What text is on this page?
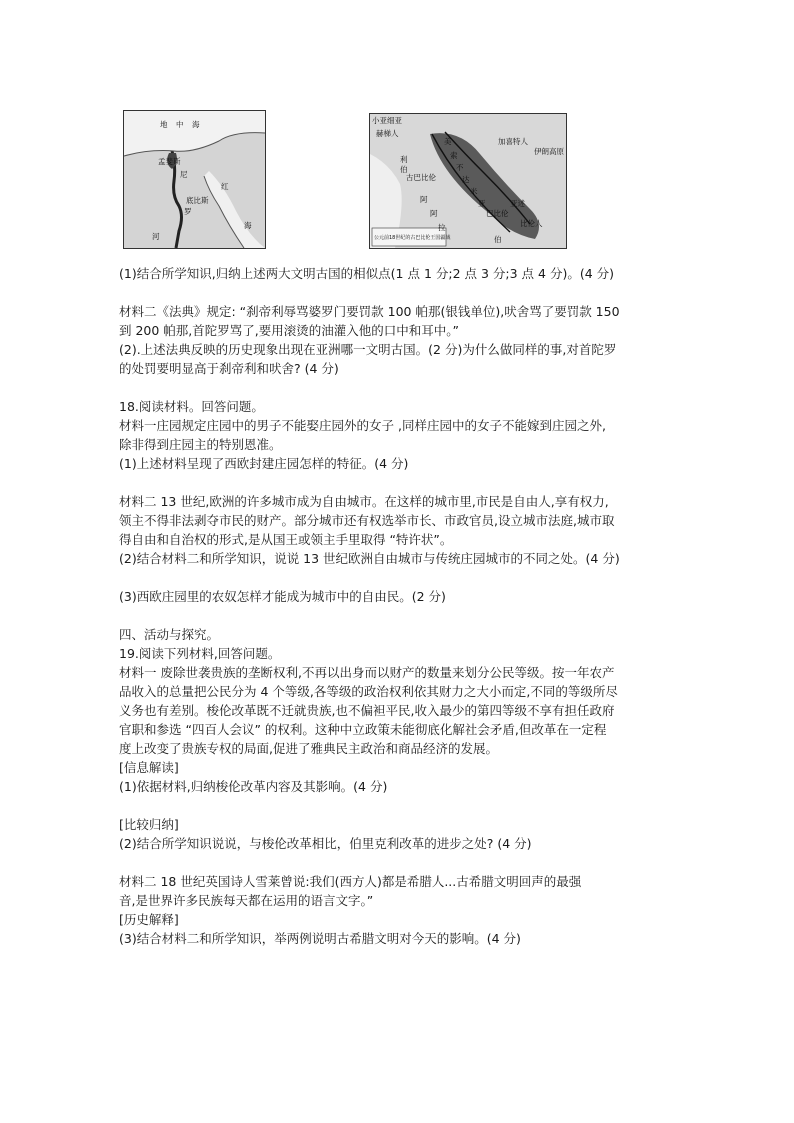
地 中 海
孟斐斯
尼
罗
红
海
底比斯
河
小亚细亚
赫梯人
美
索
不
达
米
亚
加喜特人
伊朗高原
阿
拉
伯
巴比伦
亚述
古巴比伦
利
伯
阿
比伦人
公元前18世纪的古巴比伦王国疆域
(1)结合所学知识,归纳上述两大文明古国的相似点(1 点 1 分;2 点 3 分;3 点 4 分)。(4 分)
材料二《法典》规定: “刹帝利辱骂婆罗门要罚款 100 帕那(银钱单位),吠舍骂了要罚款 150
到 200 帕那,首陀罗骂了,要用滚烫的油灌入他的口中和耳中。”
(2).上述法典反映的历史现象出现在亚洲哪一文明古国。(2 分)为什么做同样的事,对首陀罗
的处罚要明显高于刹帝利和吠舍? (4 分)
18.阅读材料。回答问题。
材料一庄园规定庄园中的男子不能娶庄园外的女子 ,同样庄园中的女子不能嫁到庄园之外,
除非得到庄园主的特别恩准。
(1)上述材料呈现了西欧封建庄园怎样的特征。(4 分)
材料二 13 世纪,欧洲的许多城市成为自由城市。在这样的城市里,市民是自由人,享有权力,
领主不得非法剥夺市民的财产。部分城市还有权选举市长、市政官员,设立城市法庭,城市取
得自由和自治权的形式,是从国王或领主手里取得 “特许状”。
(2)结合材料二和所学知识，说说 13 世纪欧洲自由城市与传统庄园城市的不同之处。(4 分)
(3)西欧庄园里的农奴怎样才能成为城市中的自由民。(2 分)
四、活动与探究。
19.阅读下列材料,回答问题。
材料一 废除世袭贵族的垄断权利,不再以出身而以财产的数量来划分公民等级。按一年农产
品收入的总量把公民分为 4 个等级,各等级的政治权利依其财力之大小而定,不同的等级所尽
义务也有差别。梭伦改革既不迁就贵族,也不偏袒平民,收入最少的第四等级不享有担任政府
官职和参选 “四百人会议” 的权利。这种中立政策未能彻底化解社会矛盾,但改革在一定程
度上改变了贵族专权的局面,促进了雅典民主政治和商品经济的发展。
[信息解读]
(1)依据材料,归纳梭伦改革内容及其影响。(4 分)
[比较归纳]
(2)结合所学知识说说，与梭伦改革相比，伯里克利改革的进步之处? (4 分)
材料二 18 世纪英国诗人雪莱曾说:我们(西方人)都是希腊人...古希腊文明回声的最强
音,是世界许多民族每天都在运用的语言文字。”
[历史解释]
(3)结合材料二和所学知识，举两例说明古希腊文明对今天的影响。(4 分)
